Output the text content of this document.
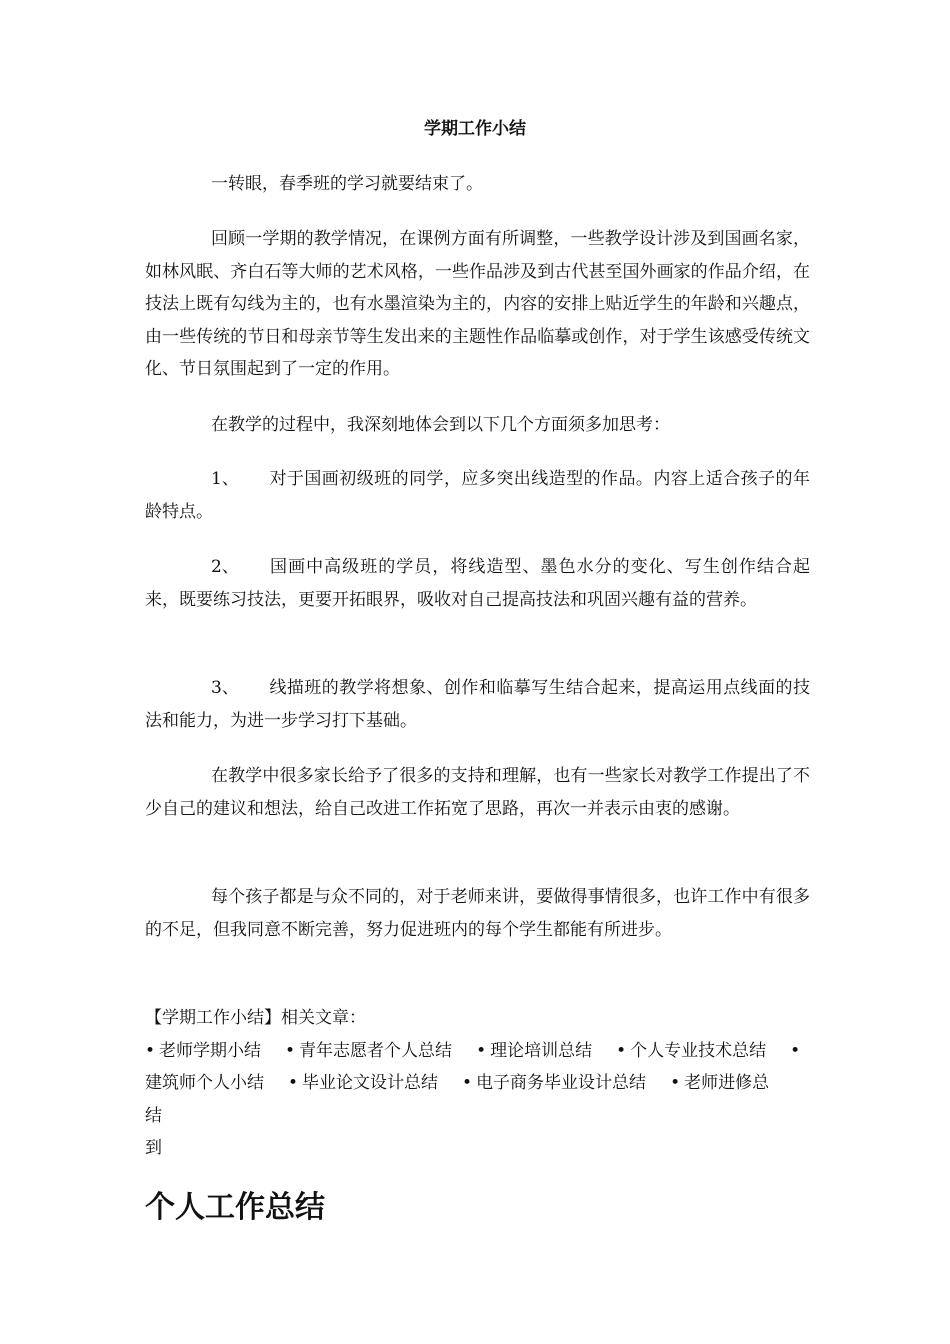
学期工作小结

一转眼，春季班的学习就要结束了。

回顾一学期的教学情况，在课例方面有所调整，一些教学设计涉及到国画名家，如林风眠、齐白石等大师的艺术风格，一些作品涉及到古代甚至国外画家的作品介绍，在技法上既有勾线为主的，也有水墨渲染为主的，内容的安排上贴近学生的年龄和兴趣点，由一些传统的节日和母亲节等生发出来的主题性作品临摹或创作，对于学生该感受传统文化、节日氛围起到了一定的作用。

在教学的过程中，我深刻地体会到以下几个方面须多加思考：

1、 对于国画初级班的同学，应多突出线造型的作品。内容上适合孩子的年龄特点。

2、 国画中高级班的学员，将线造型、墨色水分的变化、写生创作结合起来，既要练习技法，更要开拓眼界，吸收对自己提高技法和巩固兴趣有益的营养。

3、 线描班的教学将想象、创作和临摹写生结合起来，提高运用点线面的技法和能力，为进一步学习打下基础。

在教学中很多家长给予了很多的支持和理解，也有一些家长对教学工作提出了不少自己的建议和想法，给自己改进工作拓宽了思路，再次一并表示由衷的感谢。

每个孩子都是与众不同的，对于老师来讲，要做得事情很多，也许工作中有很多的不足，但我同意不断完善，努力促进班内的每个学生都能有所进步。

【学期工作小结】相关文章：
• 老师学期小结 • 青年志愿者个人总结 • 理论培训总结 • 个人专业技术总结 •建筑师个人小结 • 毕业论文设计总结 • 电子商务毕业设计总结 • 老师进修总结
到
个人工作总结
